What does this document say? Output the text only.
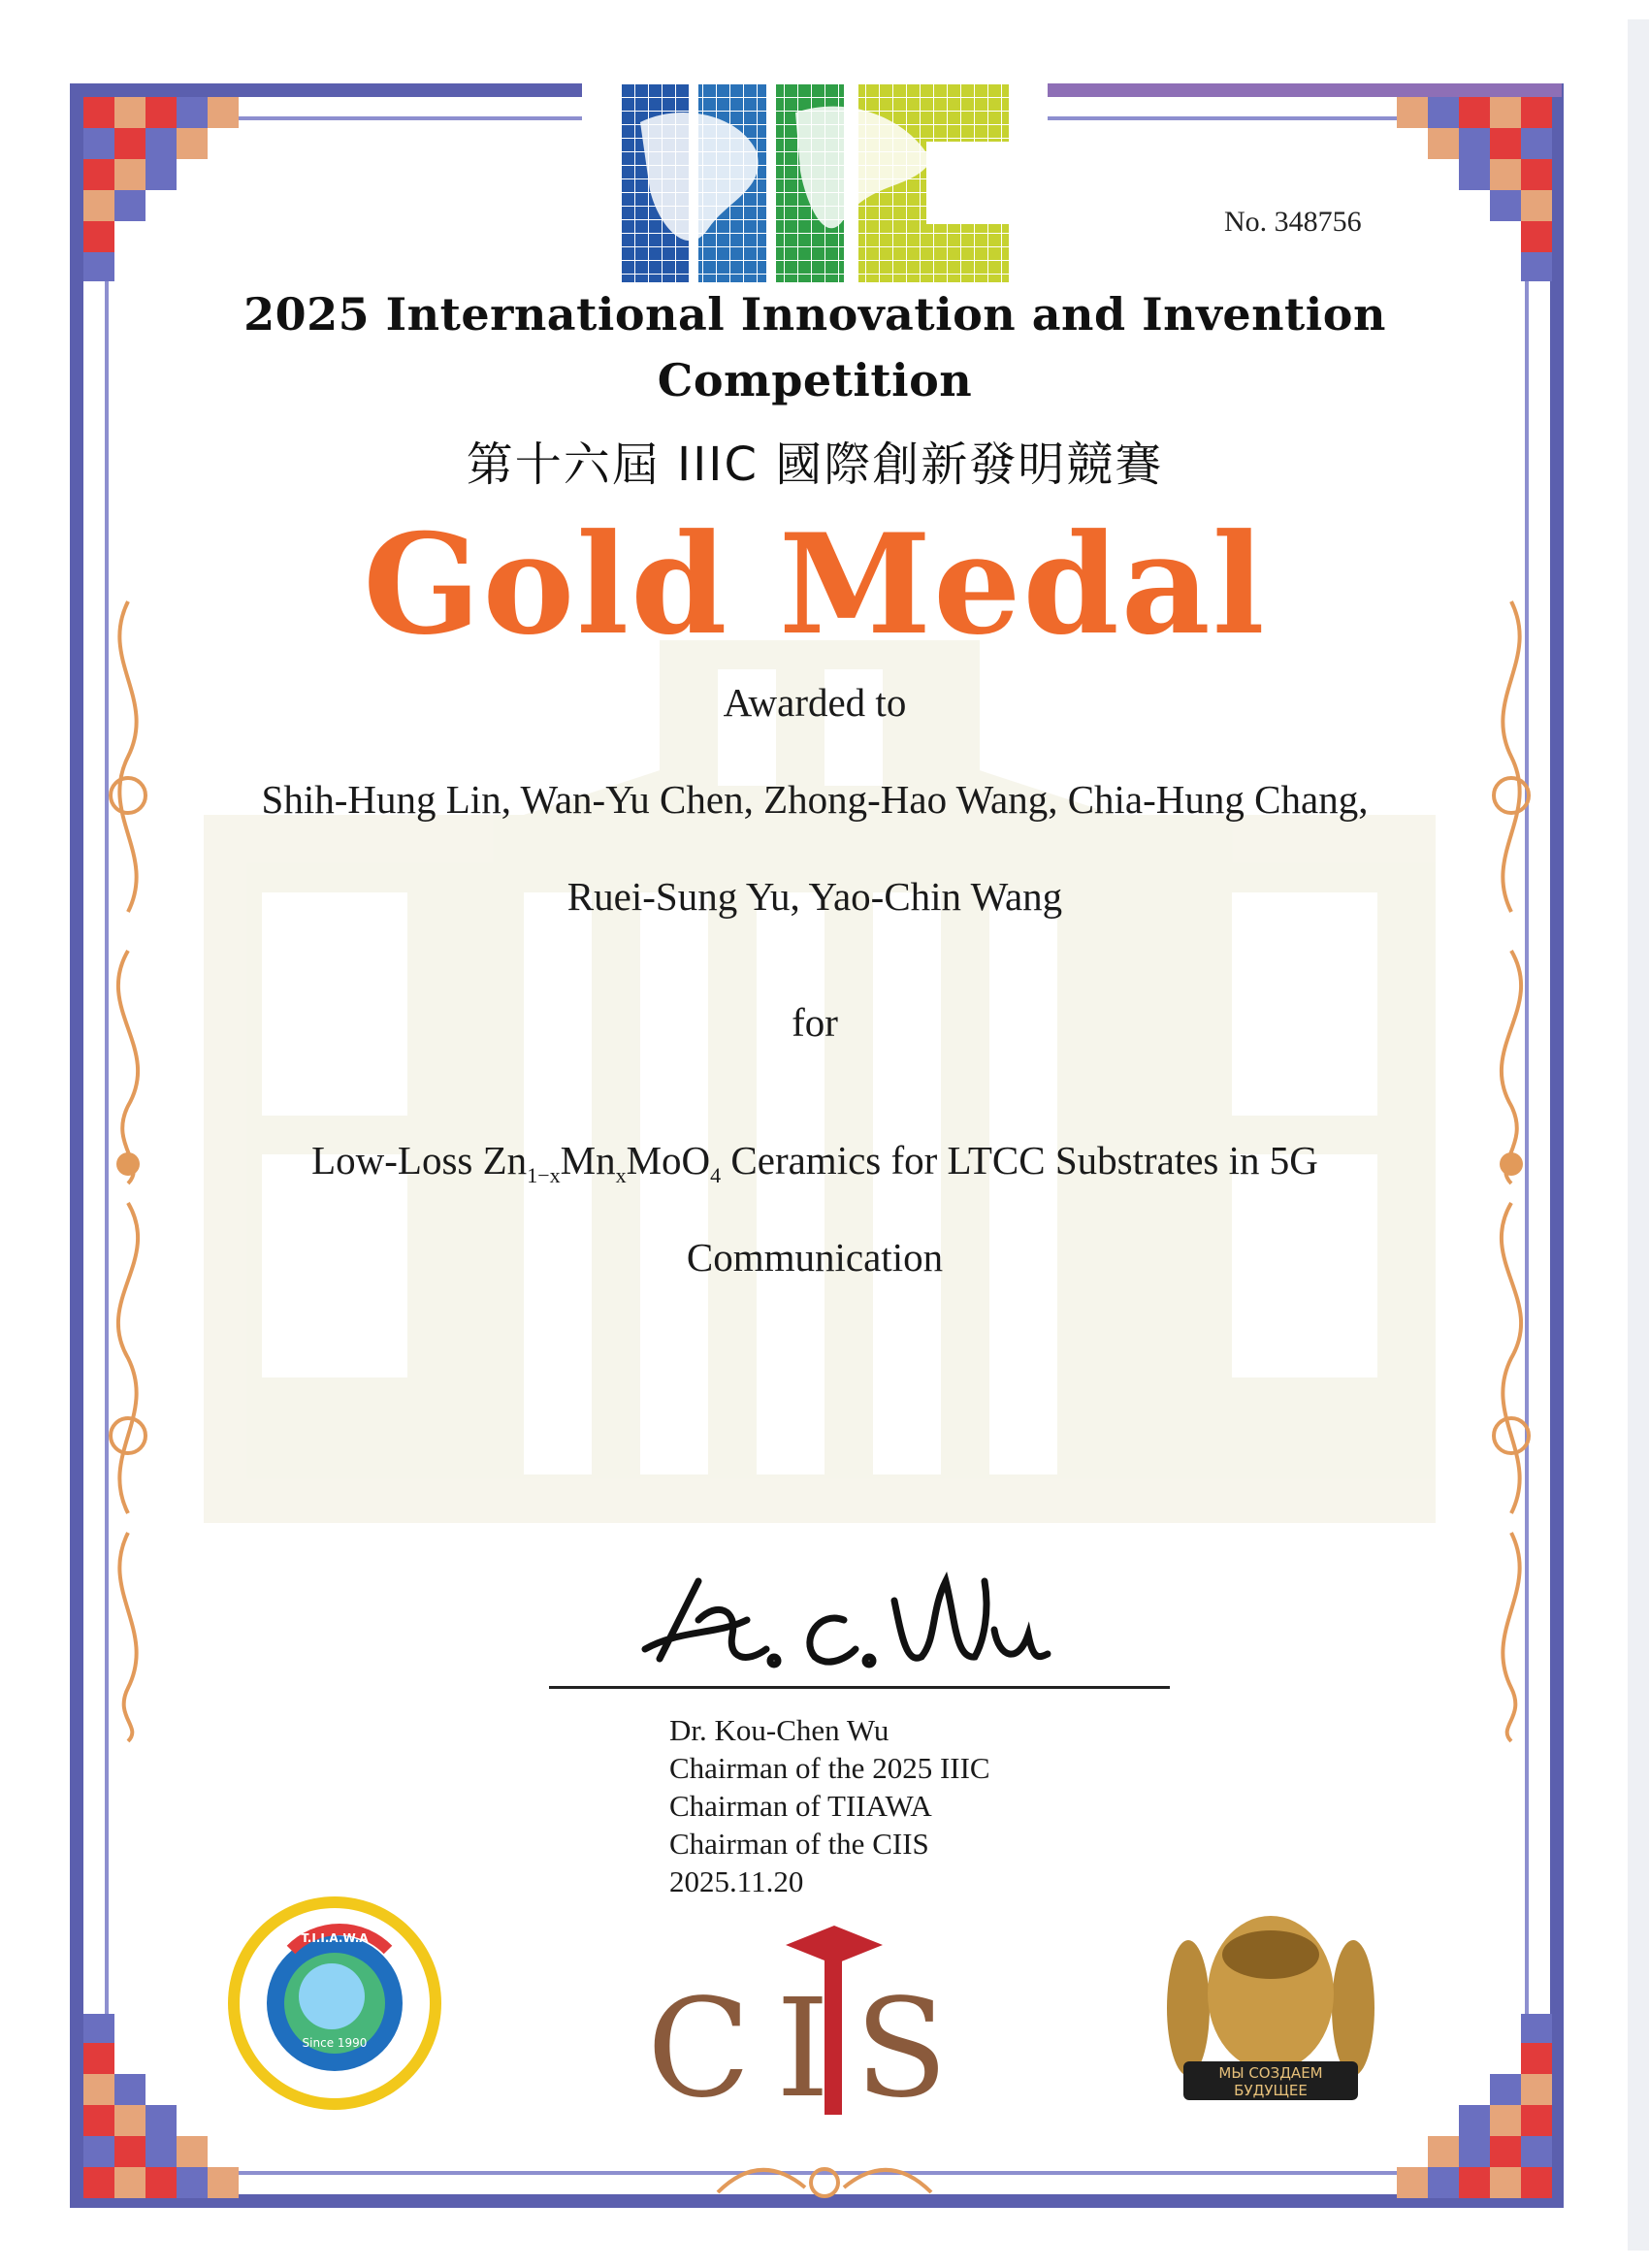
No. 348756
2025 International Innovation and Invention
Competition
第十六屆 IIIC 國際創新發明競賽
Gold Medal
Awarded to
Shih-Hung Lin, Wan-Yu Chen, Zhong-Hao Wang, Chia-Hung Chang,
Ruei-Sung Yu, Yao-Chin Wang
for
Low-Loss $Zn_{1-x}Mn_xMoO_4$ Ceramics for LTCC Substrates in 5G
Communication
K.C.Wu
Dr. Kou-Chen Wu
Chairman of the 2025 IIIC
Chairman of TIIAWA
Chairman of the CIIS
2025.11.20
T.I.I.A.W.A
Since 1990
TAIWAN INTERNATIONAL INVENTION AWARD WINNERS ASSOCIATION
CIS	МЫ СОЗДАЕМ
БУДУЩЕЕ
